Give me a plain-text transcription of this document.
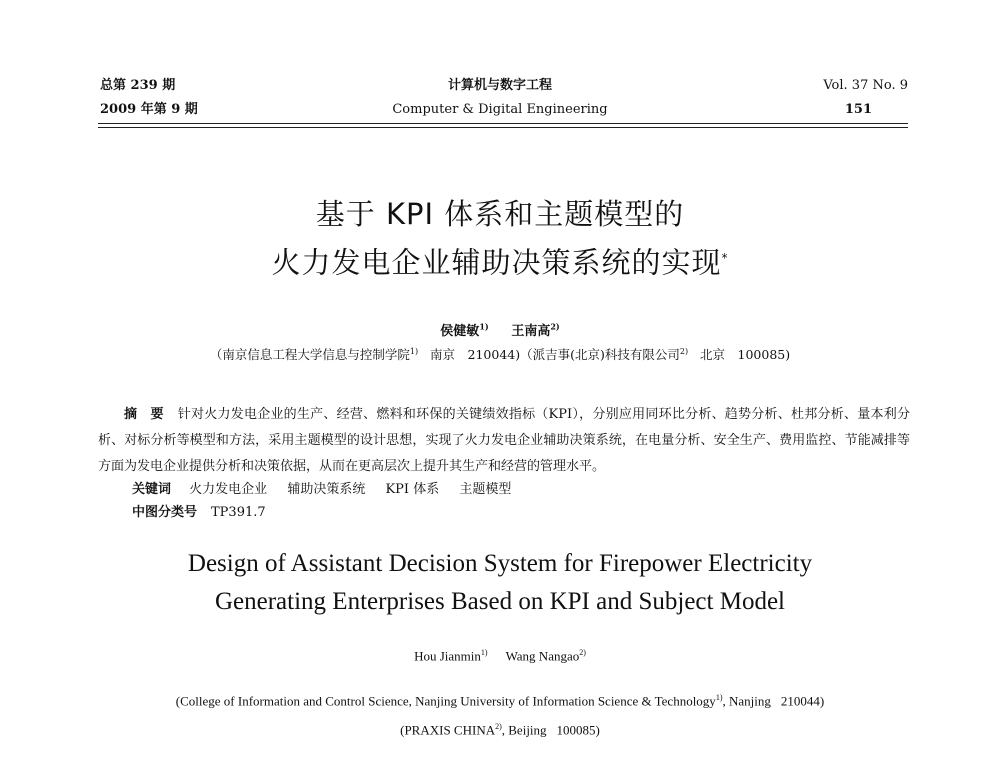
总第 239 期
2009 年第 9 期
计算机与数字工程
Computer & Digital Engineering
Vol. 37 No. 9
151
基于 KPI 体系和主题模型的
火力发电企业辅助决策系统的实现*
侯健敏$^{1)}$ 王南高$^{2)}$
（南京信息工程大学信息与控制学院$^{1)}$ 南京　210044)（派吉事(北京)科技有限公司$^{2)}$ 北京　100085)
摘　要 针对火力发电企业的生产、经营、燃料和环保的关键绩效指标（KPI），分别应用同环比分析、趋势分析、杜邦分析、量本利分析、对标分析等模型和方法，采用主题模型的设计思想，实现了火力发电企业辅助决策系统，在电量分析、安全生产、费用监控、节能减排等方面为发电企业提供分析和决策依据，从而在更高层次上提升其生产和经营的管理水平。
关键词 火力发电企业 辅助决策系统 KPI 体系 主题模型
中图分类号 TP391.7
Design of Assistant Decision System for Firepower Electricity
Generating Enterprises Based on KPI and Subject Model
Hou Jianmin$^{1)}$ Wang Nangao$^{2)}$
(College of Information and Control Science, Nanjing University of Information Science & Technology$^{1)}$, Nanjing 210044)
(PRAXIS CHINA$^{2)}$, Beijing 100085)
